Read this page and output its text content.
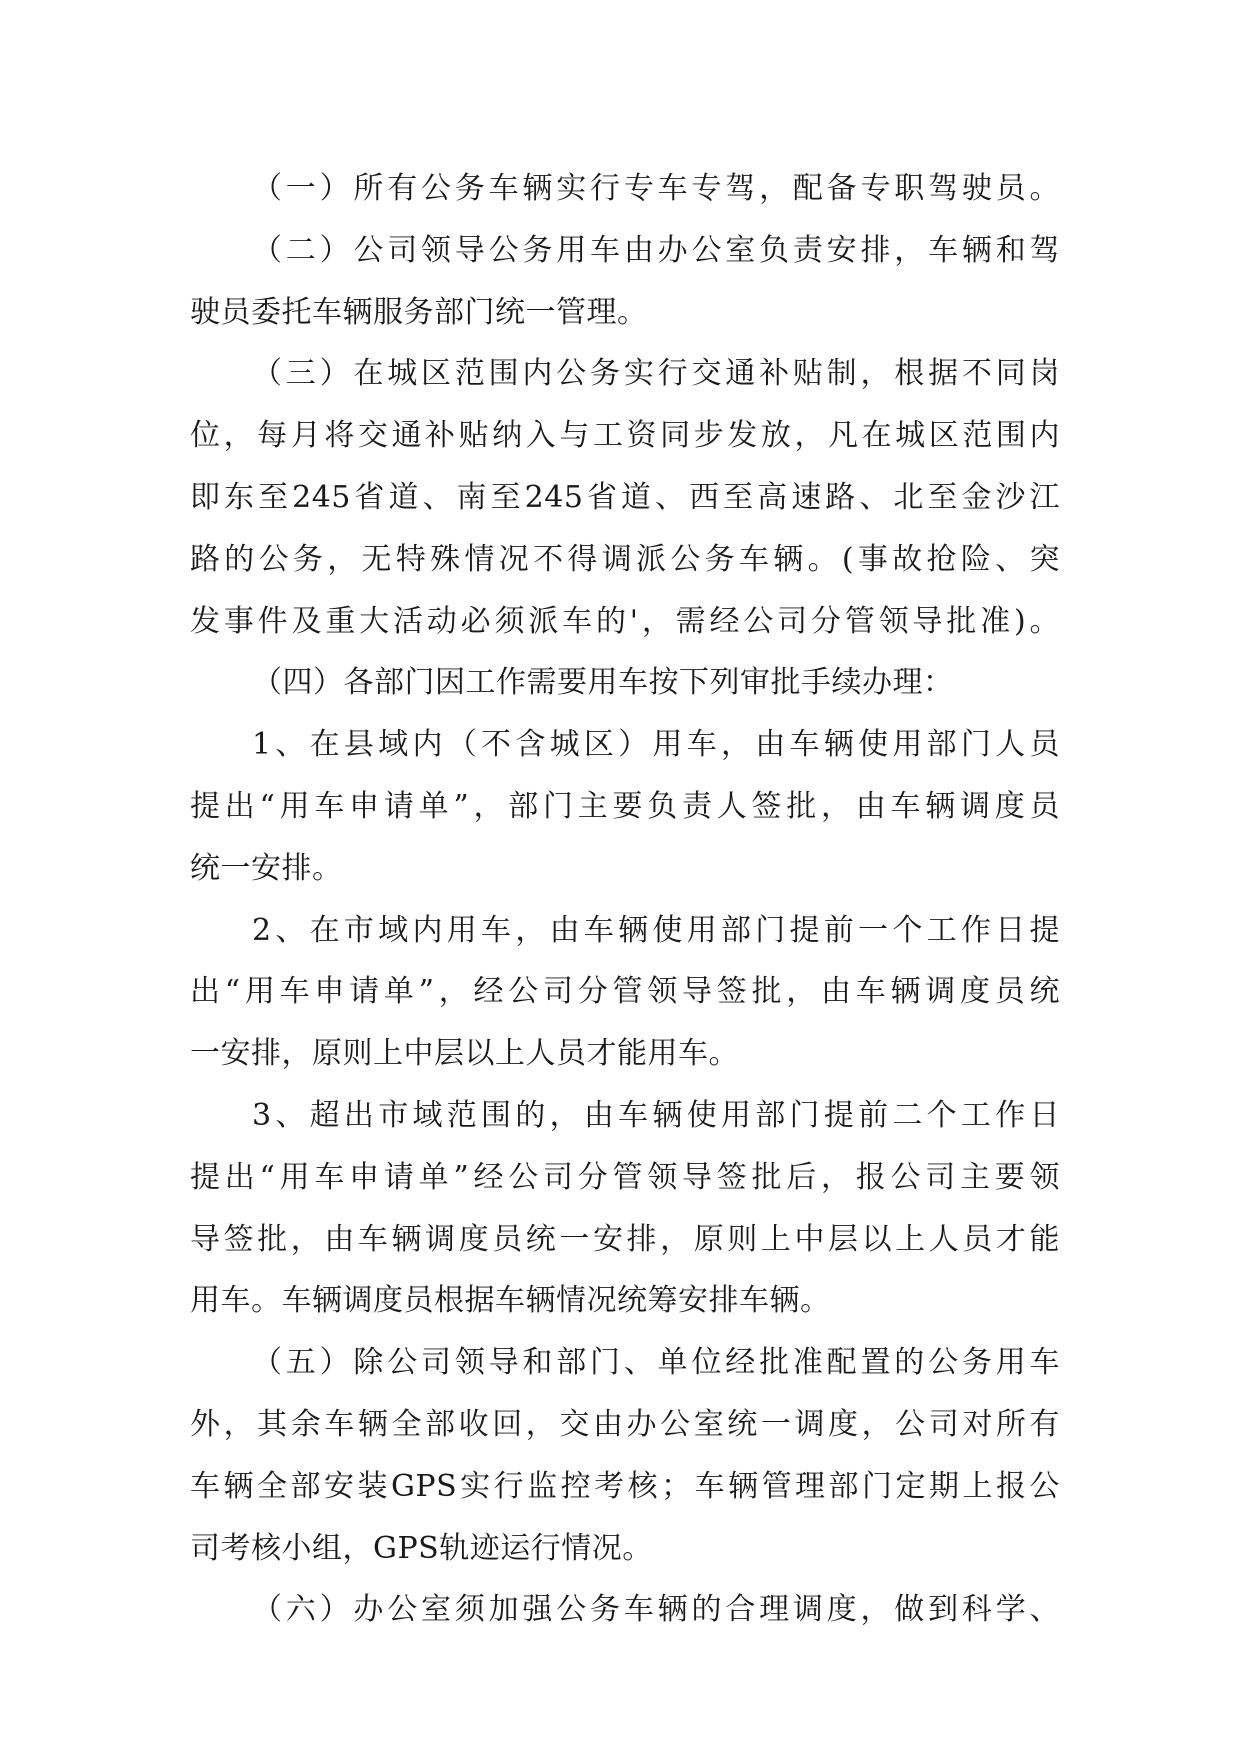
（一）所有公务车辆实行专车专驾，配备专职驾驶员。
（二）公司领导公务用车由办公室负责安排，车辆和驾
驶员委托车辆服务部门统一管理。
（三）在城区范围内公务实行交通补贴制，根据不同岗
位，每月将交通补贴纳入与工资同步发放，凡在城区范围内
即东至245省道、南至245省道、西至高速路、北至金沙江
路的公务，无特殊情况不得调派公务车辆。(事故抢险、突
发事件及重大活动必须派车的'，需经公司分管领导批准)。
（四）各部门因工作需要用车按下列审批手续办理：
1、在县域内（不含城区）用车，由车辆使用部门人员
提出“用车申请单”，部门主要负责人签批，由车辆调度员
统一安排。
2、在市域内用车，由车辆使用部门提前一个工作日提
出“用车申请单”，经公司分管领导签批，由车辆调度员统
一安排，原则上中层以上人员才能用车。
3、超出市域范围的，由车辆使用部门提前二个工作日
提出“用车申请单”经公司分管领导签批后，报公司主要领
导签批，由车辆调度员统一安排，原则上中层以上人员才能
用车。车辆调度员根据车辆情况统筹安排车辆。
（五）除公司领导和部门、单位经批准配置的公务用车
外，其余车辆全部收回，交由办公室统一调度，公司对所有
车辆全部安装GPS实行监控考核；车辆管理部门定期上报公
司考核小组，GPS轨迹运行情况。
（六）办公室须加强公务车辆的合理调度，做到科学、
